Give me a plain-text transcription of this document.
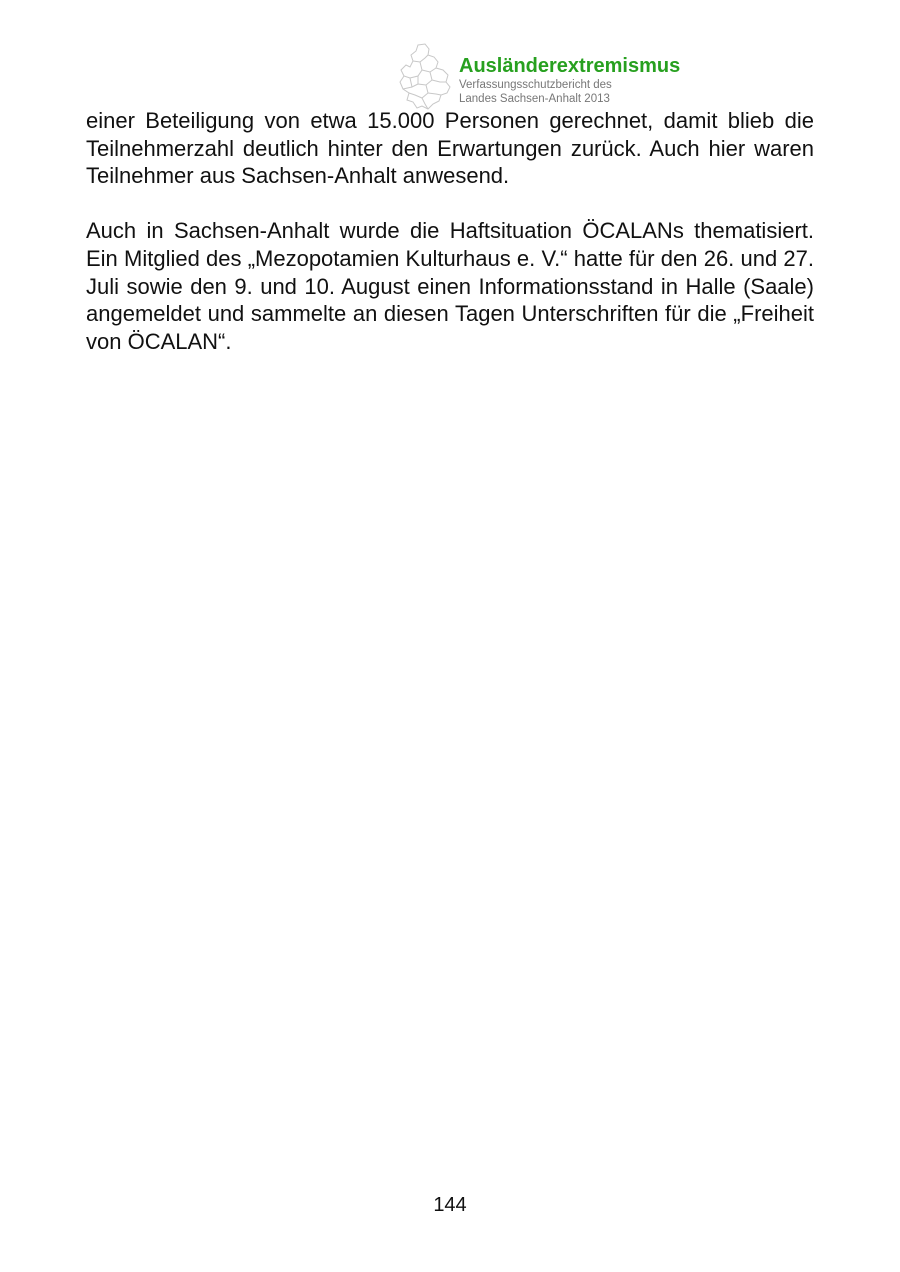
Ausländerextremismus
Verfassungsschutzbericht des
Landes Sachsen-Anhalt 2013

einer Beteiligung von etwa 15.000 Personen gerechnet, damit blieb die Teilnehmerzahl deutlich hinter den Erwartungen zurück. Auch hier waren Teilnehmer aus Sachsen-Anhalt anwesend.

Auch in Sachsen-Anhalt wurde die Haftsituation ÖCALANs thematisiert. Ein Mitglied des „Mezopotamien Kulturhaus e. V.“ hatte für den 26. und 27. Juli sowie den 9. und 10. August einen Informationsstand in Halle (Saale) angemeldet und sammelte an diesen Tagen Unterschriften für die „Freiheit von ÖCALAN“.

144
